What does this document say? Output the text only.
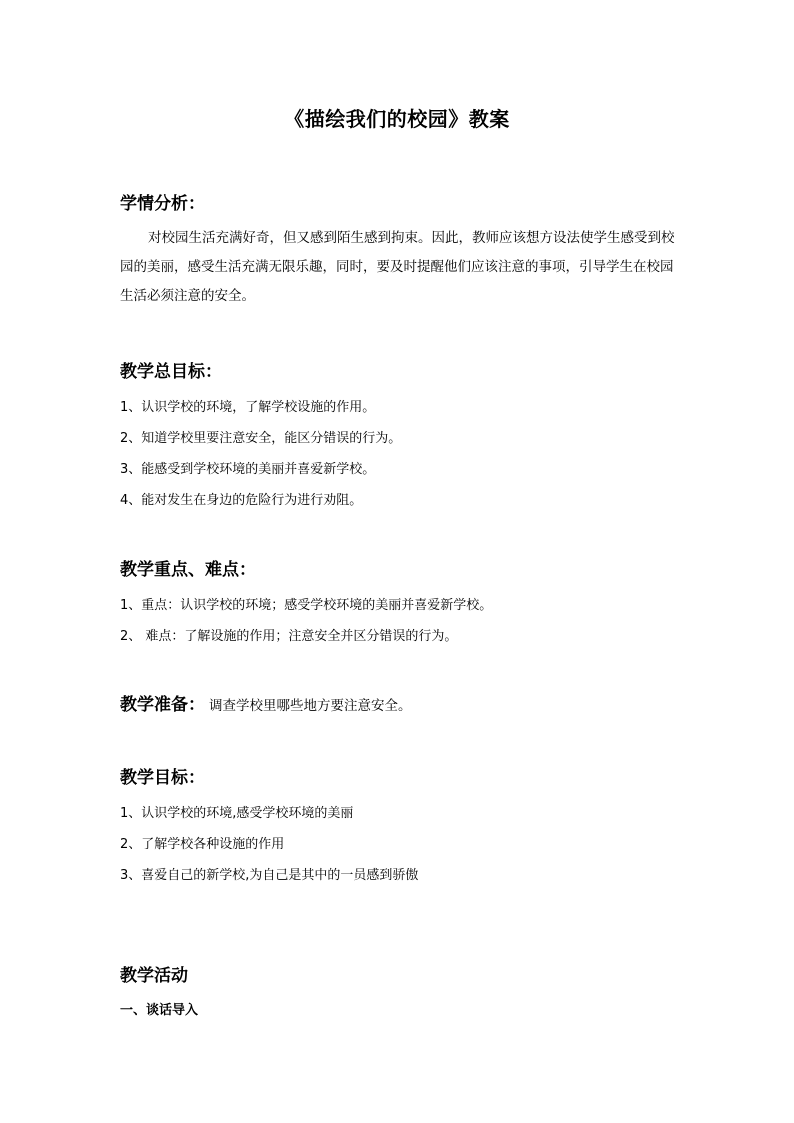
《描绘我们的校园》教案
学情分析：
对校园生活充满好奇，但又感到陌生感到拘束。因此，教师应该想方设法使学生感受到校园的美丽，感受生活充满无限乐趣，同时，要及时提醒他们应该注意的事项，引导学生在校园生活必须注意的安全。
教学总目标：
1、认识学校的环境，了解学校设施的作用。
2、知道学校里要注意安全，能区分错误的行为。
3、能感受到学校环境的美丽并喜爱新学校。
4、能对发生在身边的危险行为进行劝阻。
教学重点、难点：
1、重点：认识学校的环境；感受学校环境的美丽并喜爱新学校。
2、 难点：了解设施的作用；注意安全并区分错误的行为。
教学准备： 调查学校里哪些地方要注意安全。
教学目标：
1、认识学校的环境,感受学校环境的美丽
2、了解学校各种设施的作用
3、喜爱自己的新学校,为自己是其中的一员感到骄傲
教学活动
一、谈话导入
